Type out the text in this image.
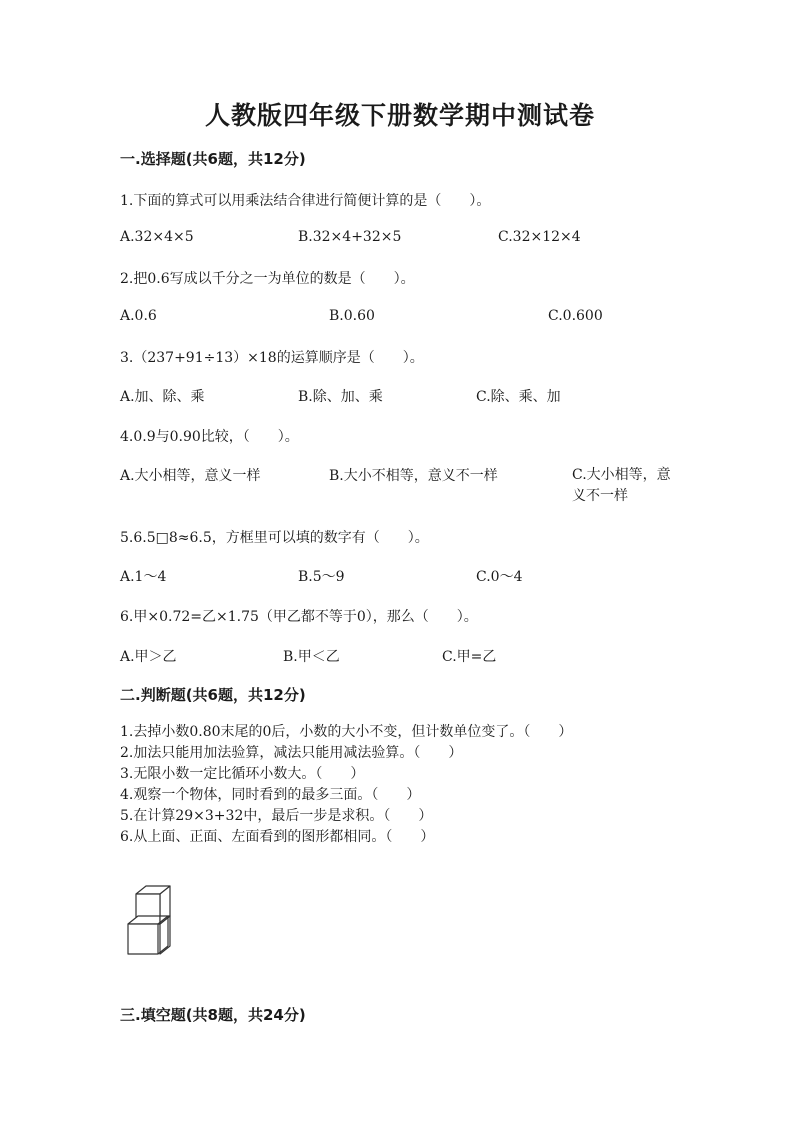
人教版四年级下册数学期中测试卷
一.选择题(共6题，共12分)
1.下面的算式可以用乘法结合律进行简便计算的是（　　）。
A.32×4×5	B.32×4+32×5	C.32×12×4
2.把0.6写成以千分之一为单位的数是（　　）。
A.0.6	B.0.60	C.0.600
3.（237+91÷13）×18的运算顺序是（　　）。
A.加、除、乘	B.除、加、乘	C.除、乘、加
4.0.9与0.90比较，（　　）。
A.大小相等，意义一样	B.大小不相等，意义不一样	C.大小相等，意义不一样
5.6.5□8≈6.5，方框里可以填的数字有（　　）。
A.1～4	B.5～9	C.0～4
6.甲×0.72=乙×1.75（甲乙都不等于0），那么（　　）。
A.甲＞乙	B.甲＜乙	C.甲=乙
二.判断题(共6题，共12分)
1.去掉小数0.80末尾的0后，小数的大小不变，但计数单位变了。（　　）
2.加法只能用加法验算，减法只能用减法验算。（　　）
3.无限小数一定比循环小数大。（　　）
4.观察一个物体，同时看到的最多三面。（　　）
5.在计算29×3+32中，最后一步是求积。（　　）
6.从上面、正面、左面看到的图形都相同。（　　）
三.填空题(共8题，共24分)
